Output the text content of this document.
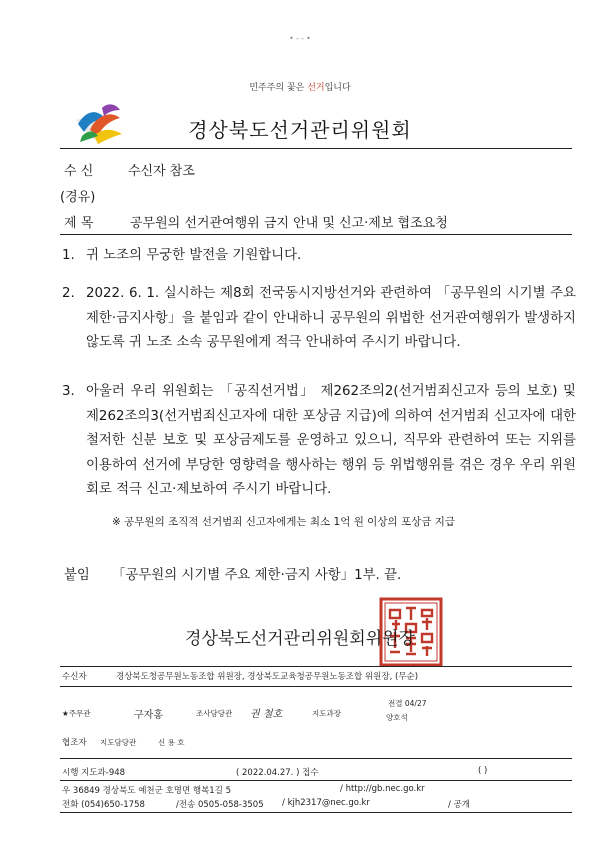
• - - •
민주주의 꽃은 선거입니다
경상북도선거관리위원회
수 신	수신자 참조
(경유)
제 목	공무원의 선거관여행위 금지 안내 및 신고·제보 협조요청
1. 귀 노조의 무궁한 발전을 기원합니다.
2. 2022. 6. 1. 실시하는 제8회 전국동시지방선거와 관련하여 「공무원의 시기별 주요 제한·금지사항」을 붙임과 같이 안내하니 공무원의 위법한 선거관여행위가 발생하지 않도록 귀 노조 소속 공무원에게 적극 안내하여 주시기 바랍니다.
3. 아울러 우리 위원회는 「공직선거법」 제262조의2(선거범죄신고자 등의 보호) 및 제262조의3(선거범죄신고자에 대한 포상금 지급)에 의하여 선거범죄 신고자에 대한 철저한 신분 보호 및 포상금제도를 운영하고 있으니, 직무와 관련하여 또는 지위를 이용하여 선거에 부당한 영향력을 행사하는 행위 등 위법행위를 겪은 경우 우리 위원회로 적극 신고·제보하여 주시기 바랍니다.
※ 공무원의 조직적 선거범죄 신고자에게는 최소 1억 원 이상의 포상금 지급
붙임 「공무원의 시기별 주요 제한·금지 사항」1부. 끝.
경상북도선거관리위원회위원장
수신자	경상북도청공무원노동조합 위원장, 경상북도교육청공무원노동조합 위원장, (무순)
★주무관	구자홍	조사담당관 권 철호	지도과장
전결 04/27
양호석
협조자 지도담당관	신 용 호
시행 지도과-948	( 2022.04.27. ) 접수	( )
우 36849 경상북도 예천군 호명면 행복1길 5	/ http://gb.nec.go.kr
전화 (054)650-1758	/전송 0505-058-3505 / kjh2317@nec.go.kr	/ 공개
